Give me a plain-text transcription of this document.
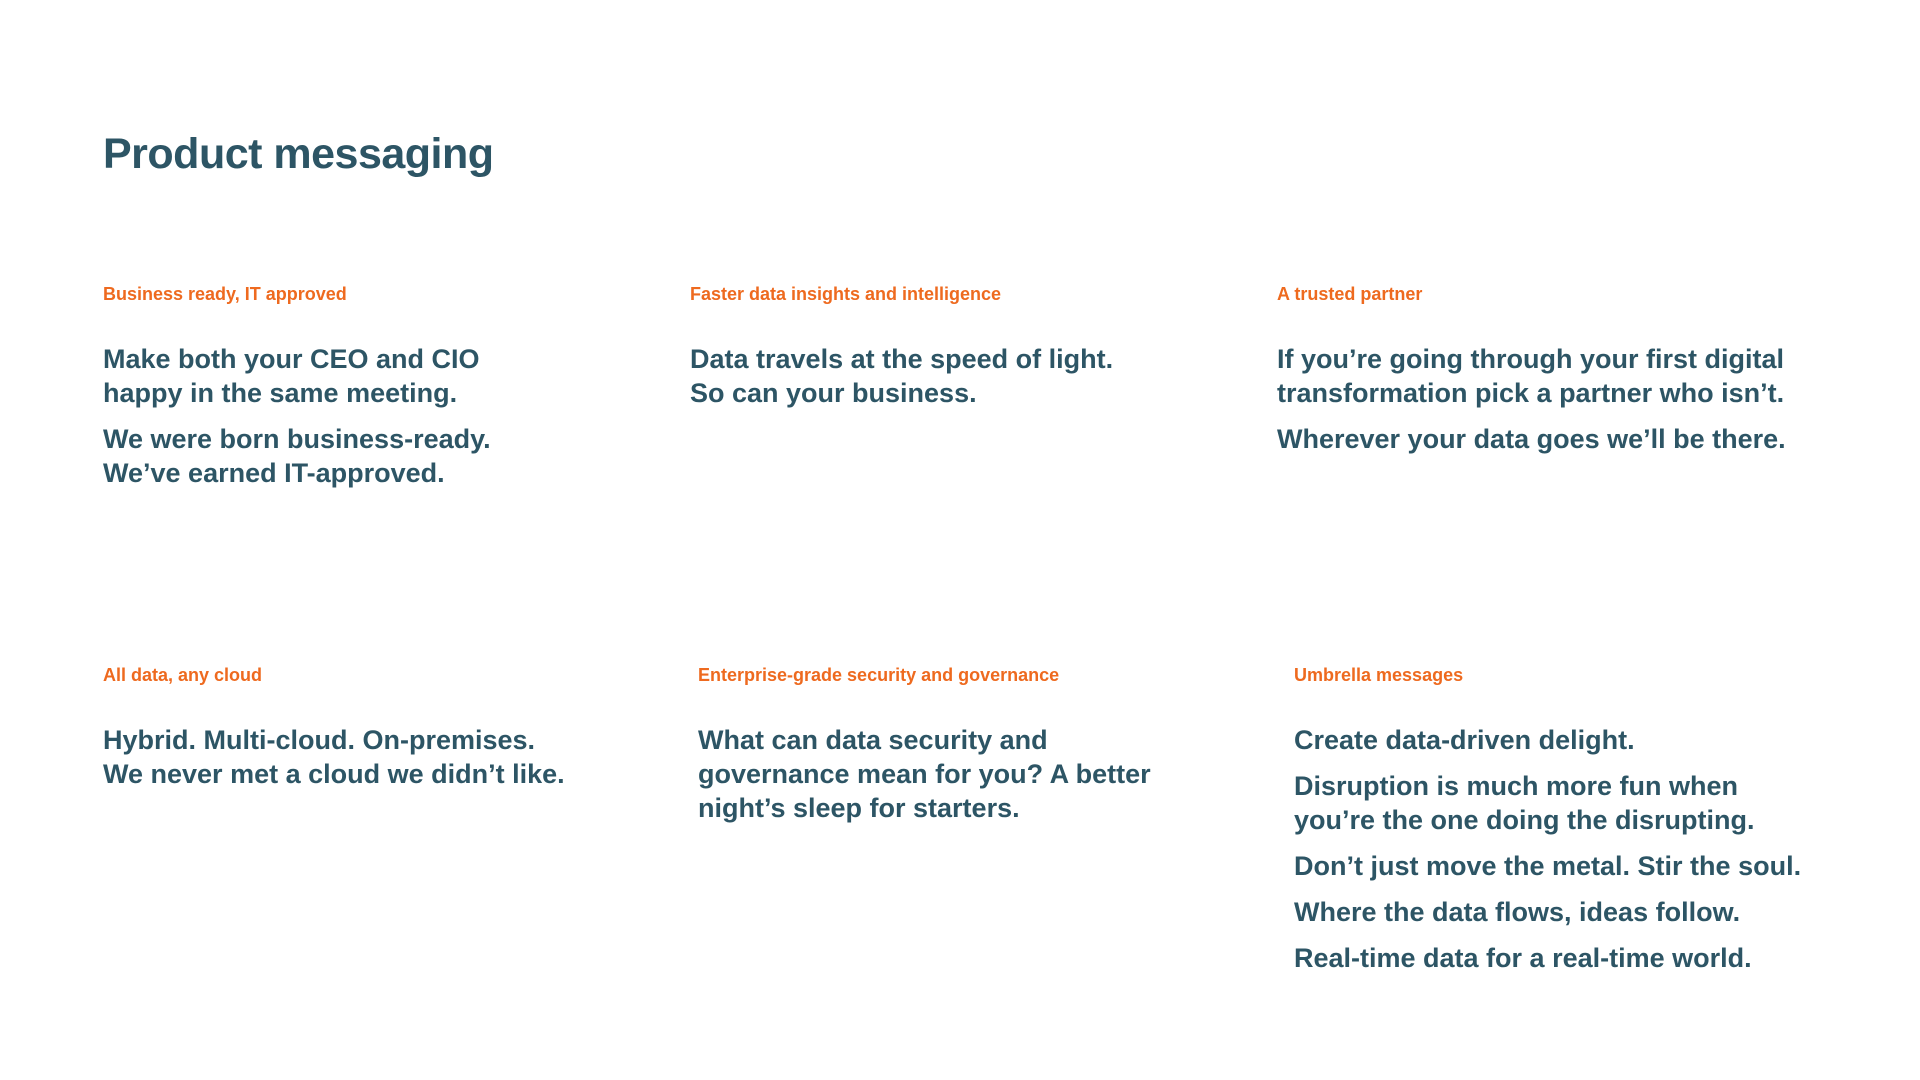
Product messaging
Business ready, IT approved

Make both your CEO and CIO
happy in the same meeting.

We were born business-ready.
We’ve earned IT-approved.

Faster data insights and intelligence

Data travels at the speed of light.
So can your business.

A trusted partner

If you’re going through your first digital
transformation pick a partner who isn’t.

Wherever your data goes we’ll be there.

All data, any cloud

Hybrid. Multi-cloud. On-premises.
We never met a cloud we didn’t like.

Enterprise-grade security and governance

What can data security and
governance mean for you? A better
night’s sleep for starters.

Umbrella messages

Create data-driven delight.

Disruption is much more fun when
you’re the one doing the disrupting.

Don’t just move the metal. Stir the soul.

Where the data flows, ideas follow.

Real-time data for a real-time world.
